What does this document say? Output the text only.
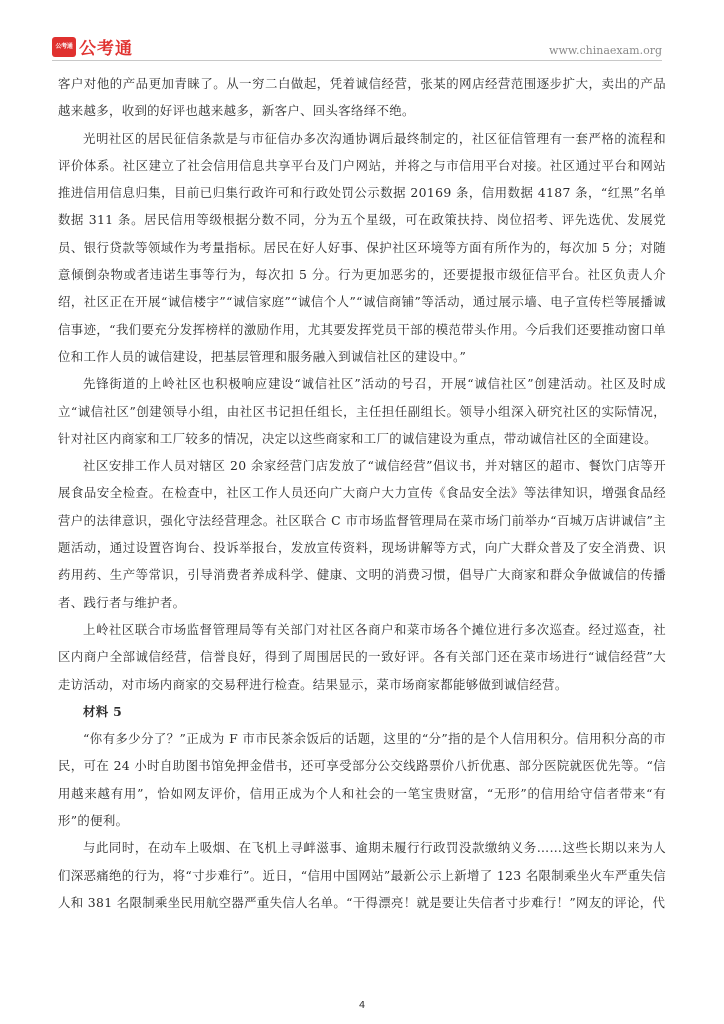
公考通 公考通	www.chinaexam.org

客户对他的产品更加青睐了。从一穷二白做起，凭着诚信经营，张某的网店经营范围逐步扩大，卖出的产品越来越多，收到的好评也越来越多，新客户、回头客络绎不绝。

光明社区的居民征信条款是与市征信办多次沟通协调后最终制定的，社区征信管理有一套严格的流程和评价体系。社区建立了社会信用信息共享平台及门户网站，并将之与市信用平台对接。社区通过平台和网站推进信用信息归集，目前已归集行政许可和行政处罚公示数据 20169 条，信用数据 4187 条，“红黑”名单数据 311 条。居民信用等级根据分数不同，分为五个星级，可在政策扶持、岗位招考、评先选优、发展党员、银行贷款等领域作为考量指标。居民在好人好事、保护社区环境等方面有所作为的，每次加 5 分；对随意倾倒杂物或者违诺生事等行为，每次扣 5 分。行为更加恶劣的，还要提报市级征信平台。社区负责人介绍，社区正在开展“诚信楼宇”“诚信家庭”“诚信个人”“诚信商铺”等活动，通过展示墙、电子宣传栏等展播诚信事迹，“我们要充分发挥榜样的激励作用，尤其要发挥党员干部的模范带头作用。今后我们还要推动窗口单位和工作人员的诚信建设，把基层管理和服务融入到诚信社区的建设中。”

先锋街道的上岭社区也积极响应建设“诚信社区”活动的号召，开展“诚信社区”创建活动。社区及时成立“诚信社区”创建领导小组，由社区书记担任组长，主任担任副组长。领导小组深入研究社区的实际情况，针对社区内商家和工厂较多的情况，决定以这些商家和工厂的诚信建设为重点，带动诚信社区的全面建设。

社区安排工作人员对辖区 20 余家经营门店发放了“诚信经营”倡议书，并对辖区的超市、餐饮门店等开展食品安全检查。在检查中，社区工作人员还向广大商户大力宣传《食品安全法》等法律知识，增强食品经营户的法律意识，强化守法经营理念。社区联合 C 市市场监督管理局在菜市场门前举办“百城万店讲诚信”主题活动，通过设置咨询台、投诉举报台，发放宣传资料，现场讲解等方式，向广大群众普及了安全消费、识药用药、生产等常识，引导消费者养成科学、健康、文明的消费习惯，倡导广大商家和群众争做诚信的传播者、践行者与维护者。

上岭社区联合市场监督管理局等有关部门对社区各商户和菜市场各个摊位进行多次巡查。经过巡查，社区内商户全部诚信经营，信誉良好，得到了周围居民的一致好评。各有关部门还在菜市场进行“诚信经营”大走访活动，对市场内商家的交易秤进行检查。结果显示，菜市场商家都能够做到诚信经营。

材料 5

“你有多少分了？”正成为 F 市市民茶余饭后的话题，这里的“分”指的是个人信用积分。信用积分高的市民，可在 24 小时自助图书馆免押金借书，还可享受部分公交线路票价八折优惠、部分医院就医优先等。“信用越来越有用”，恰如网友评价，信用正成为个人和社会的一笔宝贵财富，“无形”的信用给守信者带来“有形”的便利。

与此同时，在动车上吸烟、在飞机上寻衅滋事、逾期未履行行政罚没款缴纳义务……这些长期以来为人们深恶痛绝的行为，将“寸步难行”。近日，“信用中国网站”最新公示上新增了 123 名限制乘坐火车严重失信人和 381 名限制乘坐民用航空器严重失信人名单。“干得漂亮！就是要让失信者寸步难行！”网友的评论，代

4
